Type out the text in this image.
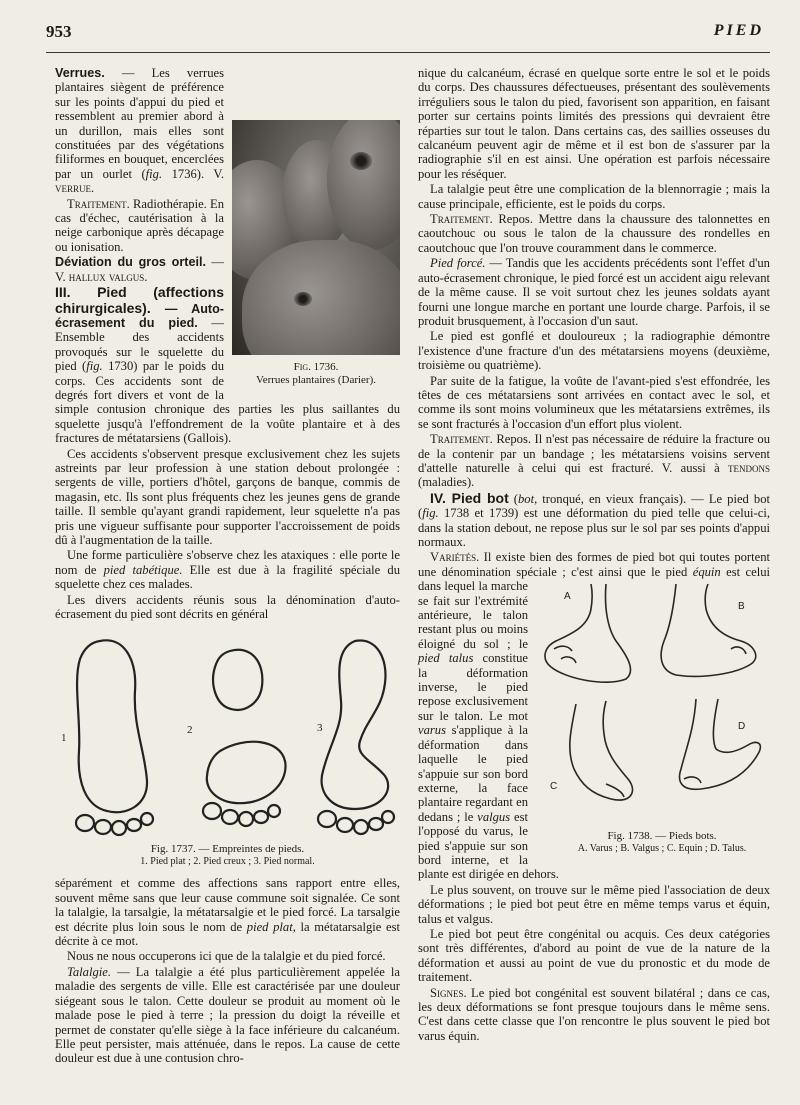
953	PIED
Fig. 1736.
Verrues plantaires (Darier).

Verrues. — Les verrues plantaires siègent de préférence sur les points d'appui du pied et ressemblent au premier abord à un durillon, mais elles sont constituées par des végétations filiformes en bouquet, encerclées par un ourlet (fig. 1736). V. verrue.

Traitement. Radiothérapie. En cas d'échec, cautérisation à la neige carbonique après décapage ou ionisation.

Déviation du gros orteil. — V. hallux valgus.

III. Pied (affections chirurgicales). — Auto-écrasement du pied. — Ensemble des accidents provoqués sur le squelette du pied (fig. 1730) par le poids du corps. Ces accidents sont de degrés fort divers et vont de la simple contusion chronique des parties les plus saillantes du squelette jusqu'à l'effondrement de la voûte plantaire et à des fractures de métatarsiens (Gallois).

Ces accidents s'observent presque exclusivement chez les sujets astreints par leur profession à une station debout prolongée : sergents de ville, portiers d'hôtel, garçons de banque, commis de magasin, etc. Ils sont plus fréquents chez les jeunes gens de grande taille. Il semble qu'ayant grandi rapidement, leur squelette n'a pas pris une vigueur suffisante pour supporter l'accroissement de poids dû à l'augmentation de la taille.

Une forme particulière s'observe chez les ataxiques : elle porte le nom de pied tabétique. Elle est due à la fragilité spéciale du squelette chez ces malades.

Les divers accidents réunis sous la dénomination d'auto-écrasement du pied sont décrits en général

1
2	3
Fig. 1737. — Empreintes de pieds.
1. Pied plat ; 2. Pied creux ; 3. Pied normal.

séparément et comme des affections sans rapport entre elles, souvent même sans que leur cause commune soit signalée. Ce sont la talalgie, la tarsalgie, la métatarsalgie et le pied forcé. La tarsalgie est décrite plus loin sous le nom de pied plat, la métatarsalgie est décrite à ce mot.

Nous ne nous occuperons ici que de la talalgie et du pied forcé.

Talalgie. — La talalgie a été plus particulièrement appelée la maladie des sergents de ville. Elle est caractérisée par une douleur siégeant sous le talon. Cette douleur se produit au moment où le malade pose le pied à terre ; la pression du doigt la réveille et permet de constater qu'elle siège à la face inférieure du calcanéum. Elle peut persister, mais atténuée, dans le repos. La cause de cette douleur est due à une contusion chro-

nique du calcanéum, écrasé en quelque sorte entre le sol et le poids du corps. Des chaussures défectueuses, présentant des soulèvements irréguliers sous le talon du pied, favorisent son apparition, en faisant porter sur certains points limités des pressions qui devraient être réparties sur tout le talon. Dans certains cas, des saillies osseuses du calcanéum peuvent agir de même et il est bon de s'assurer par la radiographie s'il en est ainsi. Une opération est parfois nécessaire pour les réséquer.

La talalgie peut être une complication de la blennorragie ; mais la cause principale, efficiente, est le poids du corps.

Traitement. Repos. Mettre dans la chaussure des talonnettes en caoutchouc ou sous le talon de la chaussure des rondelles en caoutchouc que l'on trouve couramment dans le commerce.

Pied forcé. — Tandis que les accidents précédents sont l'effet d'un auto-écrasement chronique, le pied forcé est un accident aigu relevant de la même cause. Il se voit surtout chez les jeunes soldats ayant fourni une longue marche en portant une lourde charge. Parfois, il se produit brusquement, à l'occasion d'un saut.

Le pied est gonflé et douloureux ; la radiographie démontre l'existence d'une fracture d'un des métatarsiens moyens (deuxième, troisième ou quatrième).

Par suite de la fatigue, la voûte de l'avant-pied s'est effondrée, les têtes de ces métatarsiens sont arrivées en contact avec le sol, et comme ils sont moins volumineux que les métatarsiens extrêmes, ils se sont fracturés à l'occasion d'un effort plus violent.

Traitement. Repos. Il n'est pas nécessaire de réduire la fracture ou de la contenir par un bandage ; les métatarsiens voisins servent d'attelle naturelle à celui qui est fracturé. V. aussi à tendons (maladies).

IV. Pied bot (bot, tronqué, en vieux français). — Le pied bot (fig. 1738 et 1739) est une déformation du pied telle que celui-ci, dans la station debout, ne repose plus sur le sol par ses points d'appui normaux.

Variétés. Il existe bien des formes de pied bot qui toutes portent une dénomination spéciale ; c'est ainsi que le pied
A
B
C
D
Fig. 1738. — Pieds bots.
A. Varus ; B. Valgus ; C. Equin ; D. Talus.
équin est celui dans lequel la marche se fait sur l'extrémité antérieure, le talon restant plus ou moins éloigné du sol ; le pied talus constitue la déformation inverse, le pied repose exclusivement sur le talon. Le mot varus s'applique à la déformation dans laquelle le pied s'appuie sur son bord externe, la face plantaire regardant en dedans ; le valgus est l'opposé du varus, le pied s'appuie sur son bord interne, et la plante est dirigée en dehors.

Le plus souvent, on trouve sur le même pied l'association de deux déformations ; le pied bot peut être en même temps varus et équin, talus et valgus.

Le pied bot peut être congénital ou acquis. Ces deux catégories sont très différentes, d'abord au point de vue de la nature de la déformation et aussi au point de vue du pronostic et du mode de traitement.

Signes. Le pied bot congénital est souvent bilatéral ; dans ce cas, les deux déformations se font presque toujours dans le même sens. C'est dans cette classe que l'on rencontre le plus souvent le pied bot varus équin.
